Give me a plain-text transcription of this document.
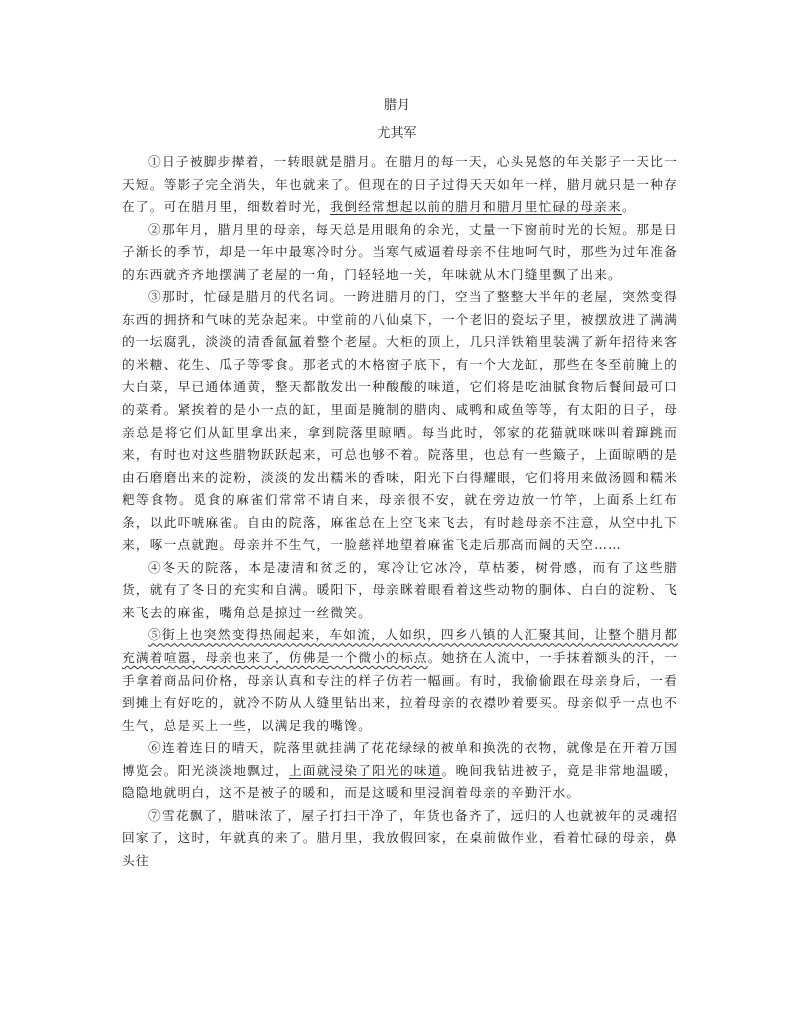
腊月
尤其军

①日子被脚步撵着，一转眼就是腊月。在腊月的每一天，心头晃悠的年关影子一天比一天短。等影子完全消失，年也就来了。但现在的日子过得天天如年一样，腊月就只是一种存在了。可在腊月里，细数着时光，我倒经常想起以前的腊月和腊月里忙碌的母亲来。

②那年月，腊月里的母亲，每天总是用眼角的余光，丈量一下窗前时光的长短。那是日子渐长的季节，却是一年中最寒冷时分。当寒气威逼着母亲不住地呵气时，那些为过年准备的东西就齐齐地摆满了老屋的一角，门轻轻地一关，年味就从木门缝里飘了出来。

③那时，忙碌是腊月的代名词。一跨进腊月的门，空当了整整大半年的老屋，突然变得东西的拥挤和气味的芜杂起来。中堂前的八仙桌下，一个老旧的瓷坛子里，被摆放进了满满的一坛腐乳，淡淡的清香氤氲着整个老屋。大柜的顶上，几只洋铁箱里装满了新年招待来客的米糖、花生、瓜子等零食。那老式的木格窗子底下，有一个大龙缸，那些在冬至前腌上的大白菜，早已通体通黄，整天都散发出一种酸酸的味道，它们将是吃油腻食物后餐间最可口的菜肴。紧挨着的是小一点的缸，里面是腌制的腊肉、咸鸭和咸鱼等等，有太阳的日子，母亲总是将它们从缸里拿出来，拿到院落里晾晒。每当此时，邻家的花猫就咪咪叫着蹿跳而来，有时也对这些腊物跃跃起来，可总也够不着。院落里，也总有一些簸子，上面晾晒的是由石磨磨出来的淀粉，淡淡的发出糯米的香味，阳光下白得耀眼，它们将用来做汤圆和糯米粑等食物。觅食的麻雀们常常不请自来，母亲很不安，就在旁边放一竹竿，上面系上红布条，以此吓唬麻雀。自由的院落，麻雀总在上空飞来飞去，有时趁母亲不注意，从空中扎下来，啄一点就跑。母亲并不生气，一脸慈祥地望着麻雀飞走后那高而阔的天空……

④冬天的院落，本是凄清和贫乏的，寒冷让它冰冷，草枯萎，树骨感，而有了这些腊货，就有了冬日的充实和自满。暖阳下，母亲眯着眼看着这些动物的胴体、白白的淀粉、飞来飞去的麻雀，嘴角总是掠过一丝微笑。

⑤街上也突然变得热闹起来，车如流，人如织，四乡八镇的人汇聚其间，让整个腊月都充满着喧嚣，母亲也来了，仿佛是一个微小的标点。她挤在人流中，一手抹着额头的汗，一手拿着商品问价格，母亲认真和专注的样子仿若一幅画。有时，我偷偷跟在母亲身后，一看到摊上有好吃的，就冷不防从人缝里钻出来，拉着母亲的衣襟吵着要买。母亲似乎一点也不生气，总是买上一些，以满足我的嘴馋。

⑥连着连日的晴天，院落里就挂满了花花绿绿的被单和换洗的衣物，就像是在开着万国博览会。阳光淡淡地飘过，上面就浸染了阳光的味道。晚间我钻进被子，竟是非常地温暖，隐隐地就明白，这不是被子的暖和，而是这暖和里浸润着母亲的辛勤汗水。

⑦雪花飘了，腊味浓了，屋子打扫干净了，年货也备齐了，远归的人也就被年的灵魂招回家了，这时，年就真的来了。腊月里，我放假回家，在桌前做作业，看着忙碌的母亲，鼻头往
